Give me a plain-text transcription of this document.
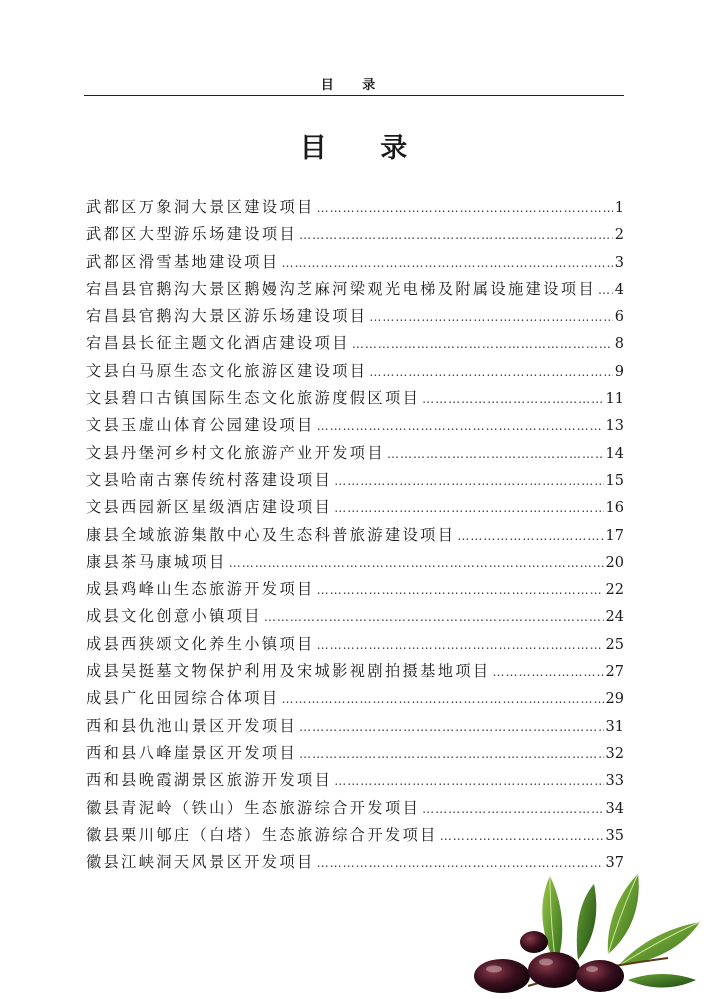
目 录
目 录
武都区万象洞大景区建设项目 ……………………………………………………………………………………………………………………………………………………………………………………	1
武都区大型游乐场建设项目 ……………………………………………………………………………………………………………………………………………………………………………………	2
武都区滑雪基地建设项目 ……………………………………………………………………………………………………………………………………………………………………………………	3
宕昌县官鹅沟大景区鹅嫚沟芝麻河梁观光电梯及附属设施建设项目 …………………………………………………………………………………………………………………………………………………………………………………… 4
宕昌县官鹅沟大景区游乐场建设项目 ……………………………………………………………………………………………………………………………………………………………………………………	6
宕昌县长征主题文化酒店建设项目 ……………………………………………………………………………………………………………………………………………………………………………………	8
文县白马原生态文化旅游区建设项目 ……………………………………………………………………………………………………………………………………………………………………………………	9
文县碧口古镇国际生态文化旅游度假区项目 ……………………………………………………………………………………………………………………………………………………………………………………	11
文县玉虚山体育公园建设项目 ……………………………………………………………………………………………………………………………………………………………………………………	13
文县丹堡河乡村文化旅游产业开发项目 ……………………………………………………………………………………………………………………………………………………………………………………	14
文县哈南古寨传统村落建设项目 ……………………………………………………………………………………………………………………………………………………………………………………	15
文县西园新区星级酒店建设项目 ……………………………………………………………………………………………………………………………………………………………………………………	16
康县全域旅游集散中心及生态科普旅游建设项目 ……………………………………………………………………………………………………………………………………………………………………………………	17
康县茶马康城项目 ……………………………………………………………………………………………………………………………………………………………………………………	20
成县鸡峰山生态旅游开发项目 ……………………………………………………………………………………………………………………………………………………………………………………	22
成县文化创意小镇项目 ……………………………………………………………………………………………………………………………………………………………………………………	24
成县西狭颂文化养生小镇项目 ……………………………………………………………………………………………………………………………………………………………………………………	25
成县吴挺墓文物保护利用及宋城影视剧拍摄基地项目 ……………………………………………………………………………………………………………………………………………………………………………………	27
成县广化田园综合体项目 ……………………………………………………………………………………………………………………………………………………………………………………	29
西和县仇池山景区开发项目 ……………………………………………………………………………………………………………………………………………………………………………………	31
西和县八峰崖景区开发项目 ……………………………………………………………………………………………………………………………………………………………………………………	32
西和县晚霞湖景区旅游开发项目 ……………………………………………………………………………………………………………………………………………………………………………………	33
徽县青泥岭（铁山）生态旅游综合开发项目 ……………………………………………………………………………………………………………………………………………………………………………………	34
徽县栗川郇庄（白塔）生态旅游综合开发项目 ……………………………………………………………………………………………………………………………………………………………………………………	35
徽县江峡洞天风景区开发项目 ……………………………………………………………………………………………………………………………………………………………………………………	37
